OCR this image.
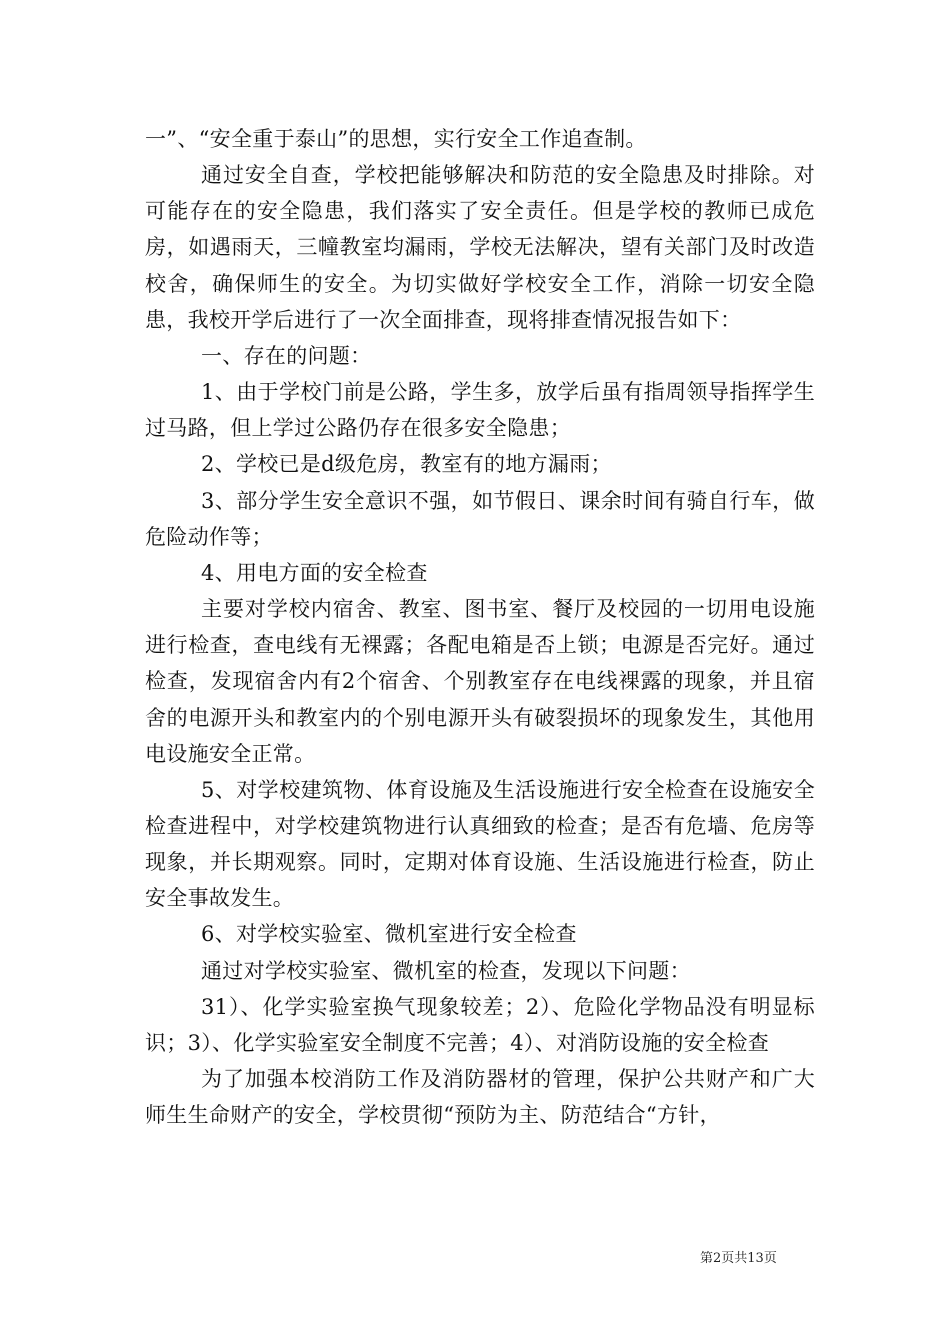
一”、“安全重于泰山”的思想，实行安全工作追查制。

通过安全自查，学校把能够解决和防范的安全隐患及时排除。对可能存在的安全隐患，我们落实了安全责任。但是学校的教师已成危房，如遇雨天，三幢教室均漏雨，学校无法解决，望有关部门及时改造校舍，确保师生的安全。为切实做好学校安全工作，消除一切安全隐患，我校开学后进行了一次全面排查，现将排查情况报告如下：

一、存在的问题：

1、由于学校门前是公路，学生多，放学后虽有指周领导指挥学生过马路，但上学过公路仍存在很多安全隐患；

2、学校已是d级危房，教室有的地方漏雨；

3、部分学生安全意识不强，如节假日、课余时间有骑自行车，做危险动作等；

4、用电方面的安全检查

主要对学校内宿舍、教室、图书室、餐厅及校园的一切用电设施进行检查，查电线有无裸露；各配电箱是否上锁；电源是否完好。通过检查，发现宿舍内有2个宿舍、个别教室存在电线裸露的现象，并且宿舍的电源开头和教室内的个别电源开头有破裂损坏的现象发生，其他用电设施安全正常。

5、对学校建筑物、体育设施及生活设施进行安全检查在设施安全检查进程中，对学校建筑物进行认真细致的检查；是否有危墙、危房等现象，并长期观察。同时，定期对体育设施、生活设施进行检查，防止安全事故发生。

6、对学校实验室、微机室进行安全检查

通过对学校实验室、微机室的检查，发现以下问题：

31）、化学实验室换气现象较差；2）、危险化学物品没有明显标识；3）、化学实验室安全制度不完善；4）、对消防设施的安全检查

为了加强本校消防工作及消防器材的管理，保护公共财产和广大师生生命财产的安全，学校贯彻“预防为主、防范结合“方针，

第2页共13页
